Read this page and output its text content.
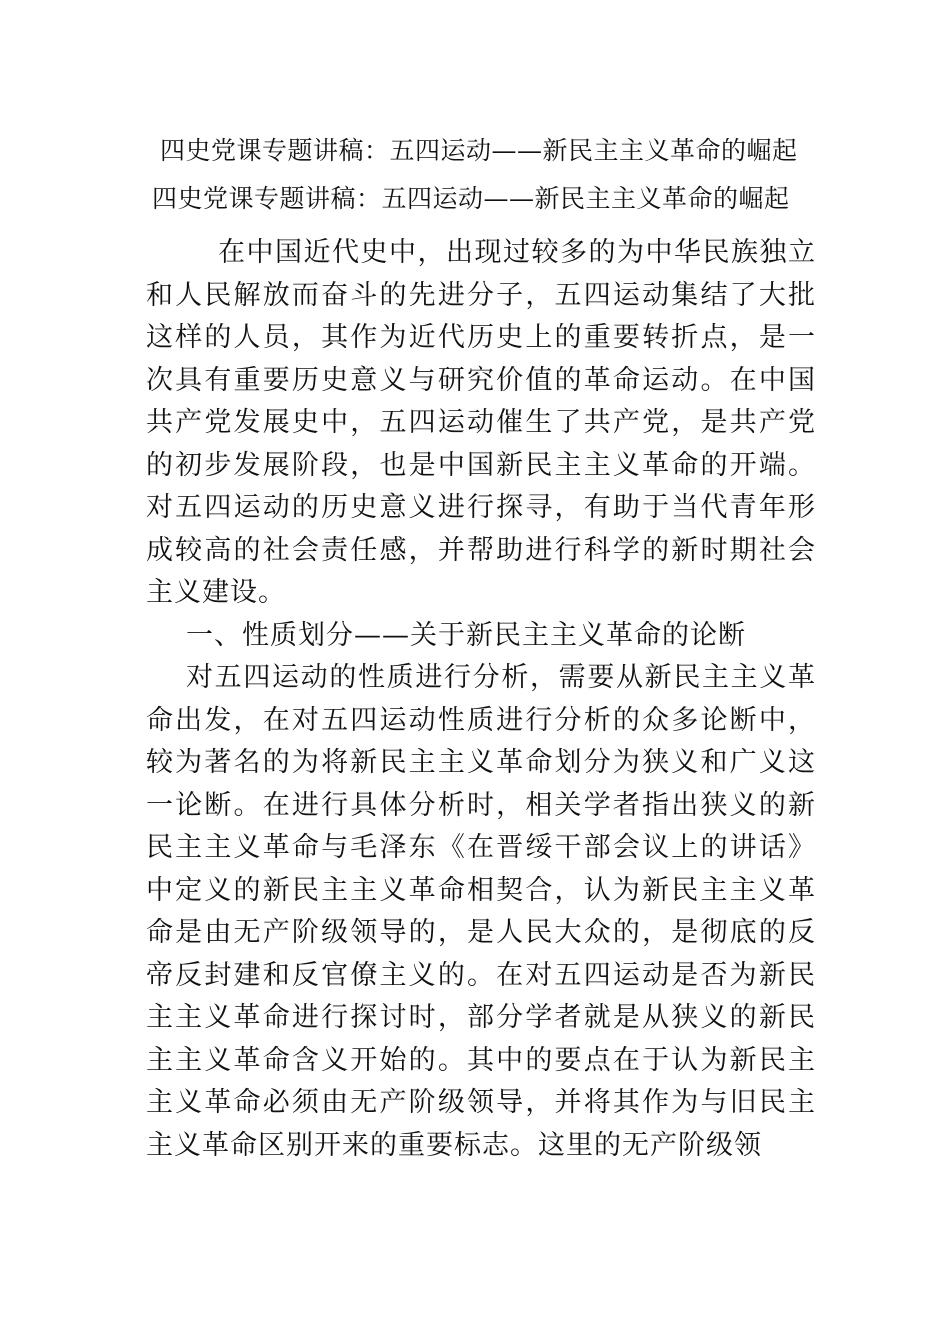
四史党课专题讲稿：五四运动——新民主主义革命的崛起
四史党课专题讲稿：五四运动——新民主主义革命的崛起

在中国近代史中，出现过较多的为中华民族独立和人民解放而奋斗的先进分子，五四运动集结了大批这样的人员，其作为近代历史上的重要转折点，是一次具有重要历史意义与研究价值的革命运动。在中国共产党发展史中，五四运动催生了共产党，是共产党的初步发展阶段，也是中国新民主主义革命的开端。对五四运动的历史意义进行探寻，有助于当代青年形成较高的社会责任感，并帮助进行科学的新时期社会主义建设。

一、性质划分——关于新民主主义革命的论断

对五四运动的性质进行分析，需要从新民主主义革命出发，在对五四运动性质进行分析的众多论断中，较为著名的为将新民主主义革命划分为狭义和广义这一论断。在进行具体分析时，相关学者指出狭义的新民主主义革命与毛泽东《在晋绥干部会议上的讲话》中定义的新民主主义革命相契合，认为新民主主义革命是由无产阶级领导的，是人民大众的，是彻底的反帝反封建和反官僚主义的。在对五四运动是否为新民主主义革命进行探讨时，部分学者就是从狭义的新民主主义革命含义开始的。其中的要点在于认为新民主主义革命必须由无产阶级领导，并将其作为与旧民主主义革命区别开来的重要标志。这里的无产阶级领
